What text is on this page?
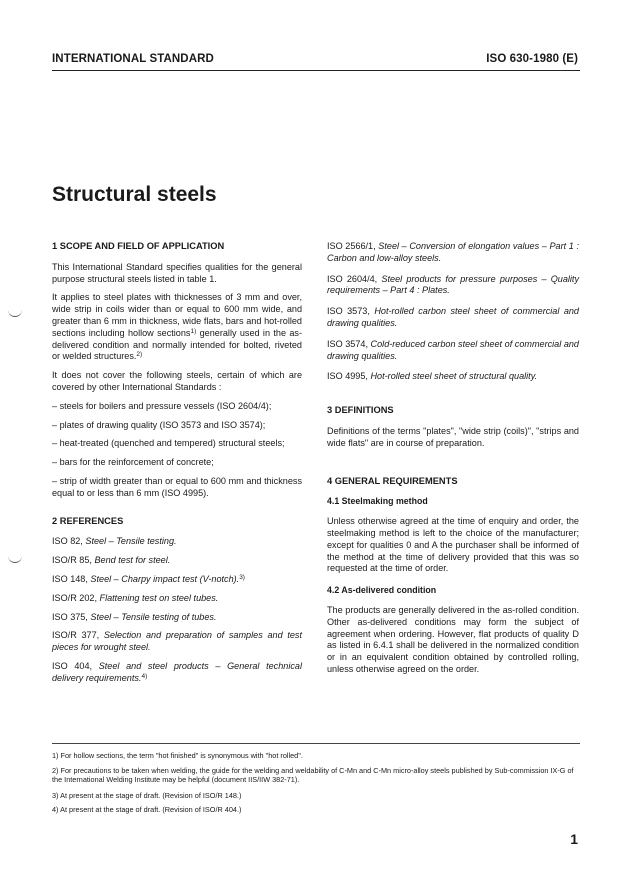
INTERNATIONAL STANDARD	ISO 630-1980 (E)
Structural steels
1 SCOPE AND FIELD OF APPLICATION

This International Standard specifies qualities for the general purpose structural steels listed in table 1.

It applies to steel plates with thicknesses of 3 mm and over, wide strip in coils wider than or equal to 600 mm wide, and greater than 6 mm in thickness, wide flats, bars and hot-rolled sections including hollow sections$^{1)}$ generally used in the as-delivered condition and normally intended for bolted, riveted or welded structures.$^{2)}$

It does not cover the following steels, certain of which are covered by other International Standards :

– steels for boilers and pressure vessels (ISO 2604/4);

– plates of drawing quality (ISO 3573 and ISO 3574);

– heat-treated (quenched and tempered) structural steels;

– bars for the reinforcement of concrete;

– strip of width greater than or equal to 600 mm and thickness equal to or less than 6 mm (ISO 4995).

2 REFERENCES

ISO 82, Steel – Tensile testing.

ISO/R 85, Bend test for steel.

ISO 148, Steel – Charpy impact test (V-notch).$^{3)}$

ISO/R 202, Flattening test on steel tubes.

ISO 375, Steel – Tensile testing of tubes.

ISO/R 377, Selection and preparation of samples and test pieces for wrought steel.

ISO 404, Steel and steel products – General technical delivery requirements.$^{4)}$

ISO 2566/1, Steel – Conversion of elongation values – Part 1 : Carbon and low-alloy steels.

ISO 2604/4, Steel products for pressure purposes – Quality requirements – Part 4 : Plates.

ISO 3573, Hot-rolled carbon steel sheet of commercial and drawing qualities.

ISO 3574, Cold-reduced carbon steel sheet of commercial and drawing qualities.

ISO 4995, Hot-rolled steel sheet of structural quality.

3 DEFINITIONS

Definitions of the terms "plates", "wide strip (coils)", "strips and wide flats" are in course of preparation.

4 GENERAL REQUIREMENTS
4.1 Steelmaking method

Unless otherwise agreed at the time of enquiry and order, the steelmaking method is left to the choice of the manufacturer; except for qualities 0 and A the purchaser shall be informed of the method at the time of delivery provided that this was so requested at the time of order.

4.2 As-delivered condition

The products are generally delivered in the as-rolled condition. Other as-delivered conditions may form the subject of agreement when ordering. However, flat products of quality D as listed in 6.4.1 shall be delivered in the normalized condition or in an equivalent condition obtained by controlled rolling, unless otherwise agreed on the order.

1) For hollow sections, the term "hot finished" is synonymous with "hot rolled".
2) For precautions to be taken when welding, the guide for the welding and weldability of C-Mn and C-Mn micro-alloy steels published by Sub-commission IX-G of the International Welding Institute may be helpful (document IIS/IIW 382-71).
3) At present at the stage of draft. (Revision of ISO/R 148.)
4) At present at the stage of draft. (Revision of ISO/R 404.)
1
